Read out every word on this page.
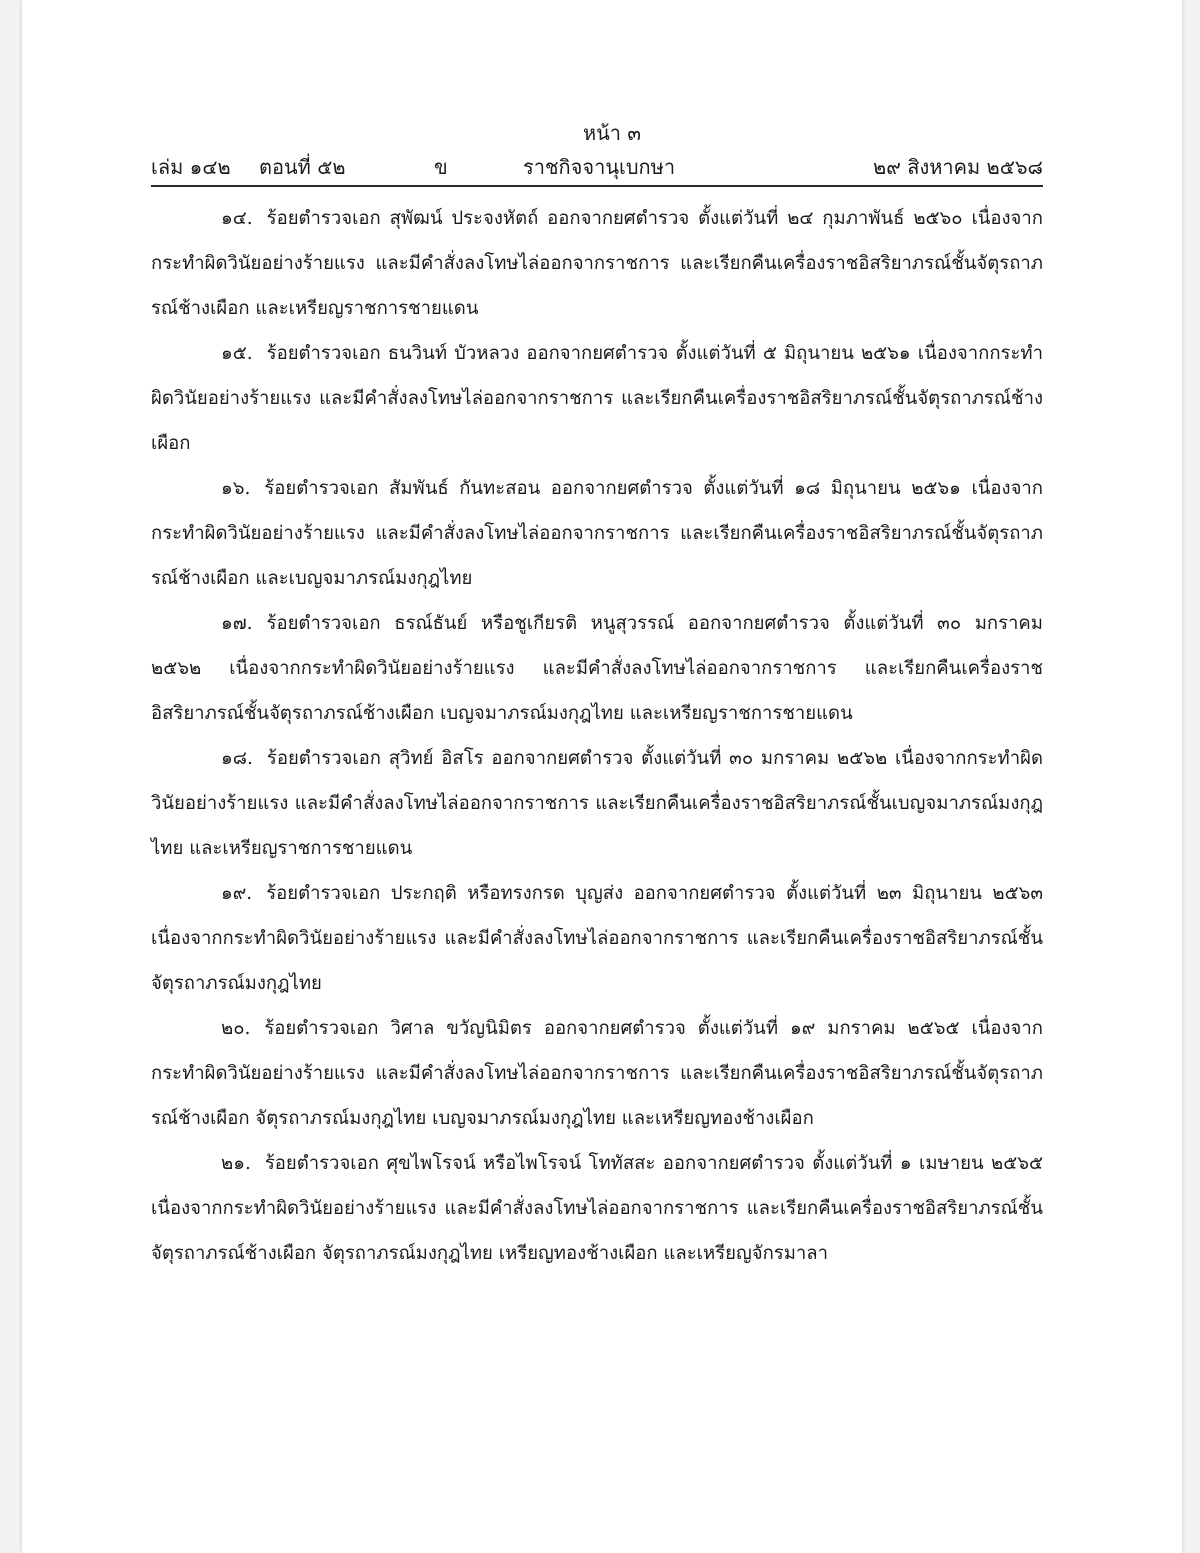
หน้า ๓
เล่ม ๑๔๒ ตอนที่ ๕๒	ข	ราชกิจจานุเบกษา	๒๙ สิงหาคม ๒๕๖๘

๑๔. ร้อยตำรวจเอก สุพัฒน์ ประจงหัตถ์ ออกจากยศตำรวจ ตั้งแต่วันที่ ๒๔ กุมภาพันธ์ ๒๕๖๐ เนื่องจากกระทำผิดวินัยอย่างร้ายแรง และมีคำสั่งลงโทษไล่ออกจากราชการ และเรียกคืนเครื่องราชอิสริยาภรณ์ชั้นจัตุรถาภรณ์ช้างเผือก และเหรียญราชการชายแดน

๑๕. ร้อยตำรวจเอก ธนวินท์ บัวหลวง ออกจากยศตำรวจ ตั้งแต่วันที่ ๕ มิถุนายน ๒๕๖๑ เนื่องจากกระทำผิดวินัยอย่างร้ายแรง และมีคำสั่งลงโทษไล่ออกจากราชการ และเรียกคืนเครื่องราชอิสริยาภรณ์ชั้นจัตุรถาภรณ์ช้างเผือก

๑๖. ร้อยตำรวจเอก สัมพันธ์ กันทะสอน ออกจากยศตำรวจ ตั้งแต่วันที่ ๑๘ มิถุนายน ๒๕๖๑ เนื่องจากกระทำผิดวินัยอย่างร้ายแรง และมีคำสั่งลงโทษไล่ออกจากราชการ และเรียกคืนเครื่องราชอิสริยาภรณ์ชั้นจัตุรถาภรณ์ช้างเผือก และเบญจมาภรณ์มงกุฎไทย

๑๗. ร้อยตำรวจเอก ธรณ์ธันย์ หรือชูเกียรติ หนูสุวรรณ์ ออกจากยศตำรวจ ตั้งแต่วันที่ ๓๐ มกราคม ๒๕๖๒ เนื่องจากกระทำผิดวินัยอย่างร้ายแรง และมีคำสั่งลงโทษไล่ออกจากราชการ และเรียกคืนเครื่องราชอิสริยาภรณ์ชั้นจัตุรถาภรณ์ช้างเผือก เบญจมาภรณ์มงกุฎไทย และเหรียญราชการชายแดน

๑๘. ร้อยตำรวจเอก สุวิทย์ อิสโร ออกจากยศตำรวจ ตั้งแต่วันที่ ๓๐ มกราคม ๒๕๖๒ เนื่องจากกระทำผิดวินัยอย่างร้ายแรง และมีคำสั่งลงโทษไล่ออกจากราชการ และเรียกคืนเครื่องราชอิสริยาภรณ์ชั้นเบญจมาภรณ์มงกุฎไทย และเหรียญราชการชายแดน

๑๙. ร้อยตำรวจเอก ประกฤติ หรือทรงกรด บุญส่ง ออกจากยศตำรวจ ตั้งแต่วันที่ ๒๓ มิถุนายน ๒๕๖๓ เนื่องจากกระทำผิดวินัยอย่างร้ายแรง และมีคำสั่งลงโทษไล่ออกจากราชการ และเรียกคืนเครื่องราชอิสริยาภรณ์ชั้นจัตุรถาภรณ์มงกุฎไทย

๒๐. ร้อยตำรวจเอก วิศาล ขวัญนิมิตร ออกจากยศตำรวจ ตั้งแต่วันที่ ๑๙ มกราคม ๒๕๖๕ เนื่องจากกระทำผิดวินัยอย่างร้ายแรง และมีคำสั่งลงโทษไล่ออกจากราชการ และเรียกคืนเครื่องราชอิสริยาภรณ์ชั้นจัตุรถาภรณ์ช้างเผือก จัตุรถาภรณ์มงกุฎไทย เบญจมาภรณ์มงกุฎไทย และเหรียญทองช้างเผือก

๒๑. ร้อยตำรวจเอก ศุขไพโรจน์ หรือไพโรจน์ โททัสสะ ออกจากยศตำรวจ ตั้งแต่วันที่ ๑ เมษายน ๒๕๖๕ เนื่องจากกระทำผิดวินัยอย่างร้ายแรง และมีคำสั่งลงโทษไล่ออกจากราชการ และเรียกคืนเครื่องราชอิสริยาภรณ์ชั้นจัตุรถาภรณ์ช้างเผือก จัตุรถาภรณ์มงกุฎไทย เหรียญทองช้างเผือก และเหรียญจักรมาลา
